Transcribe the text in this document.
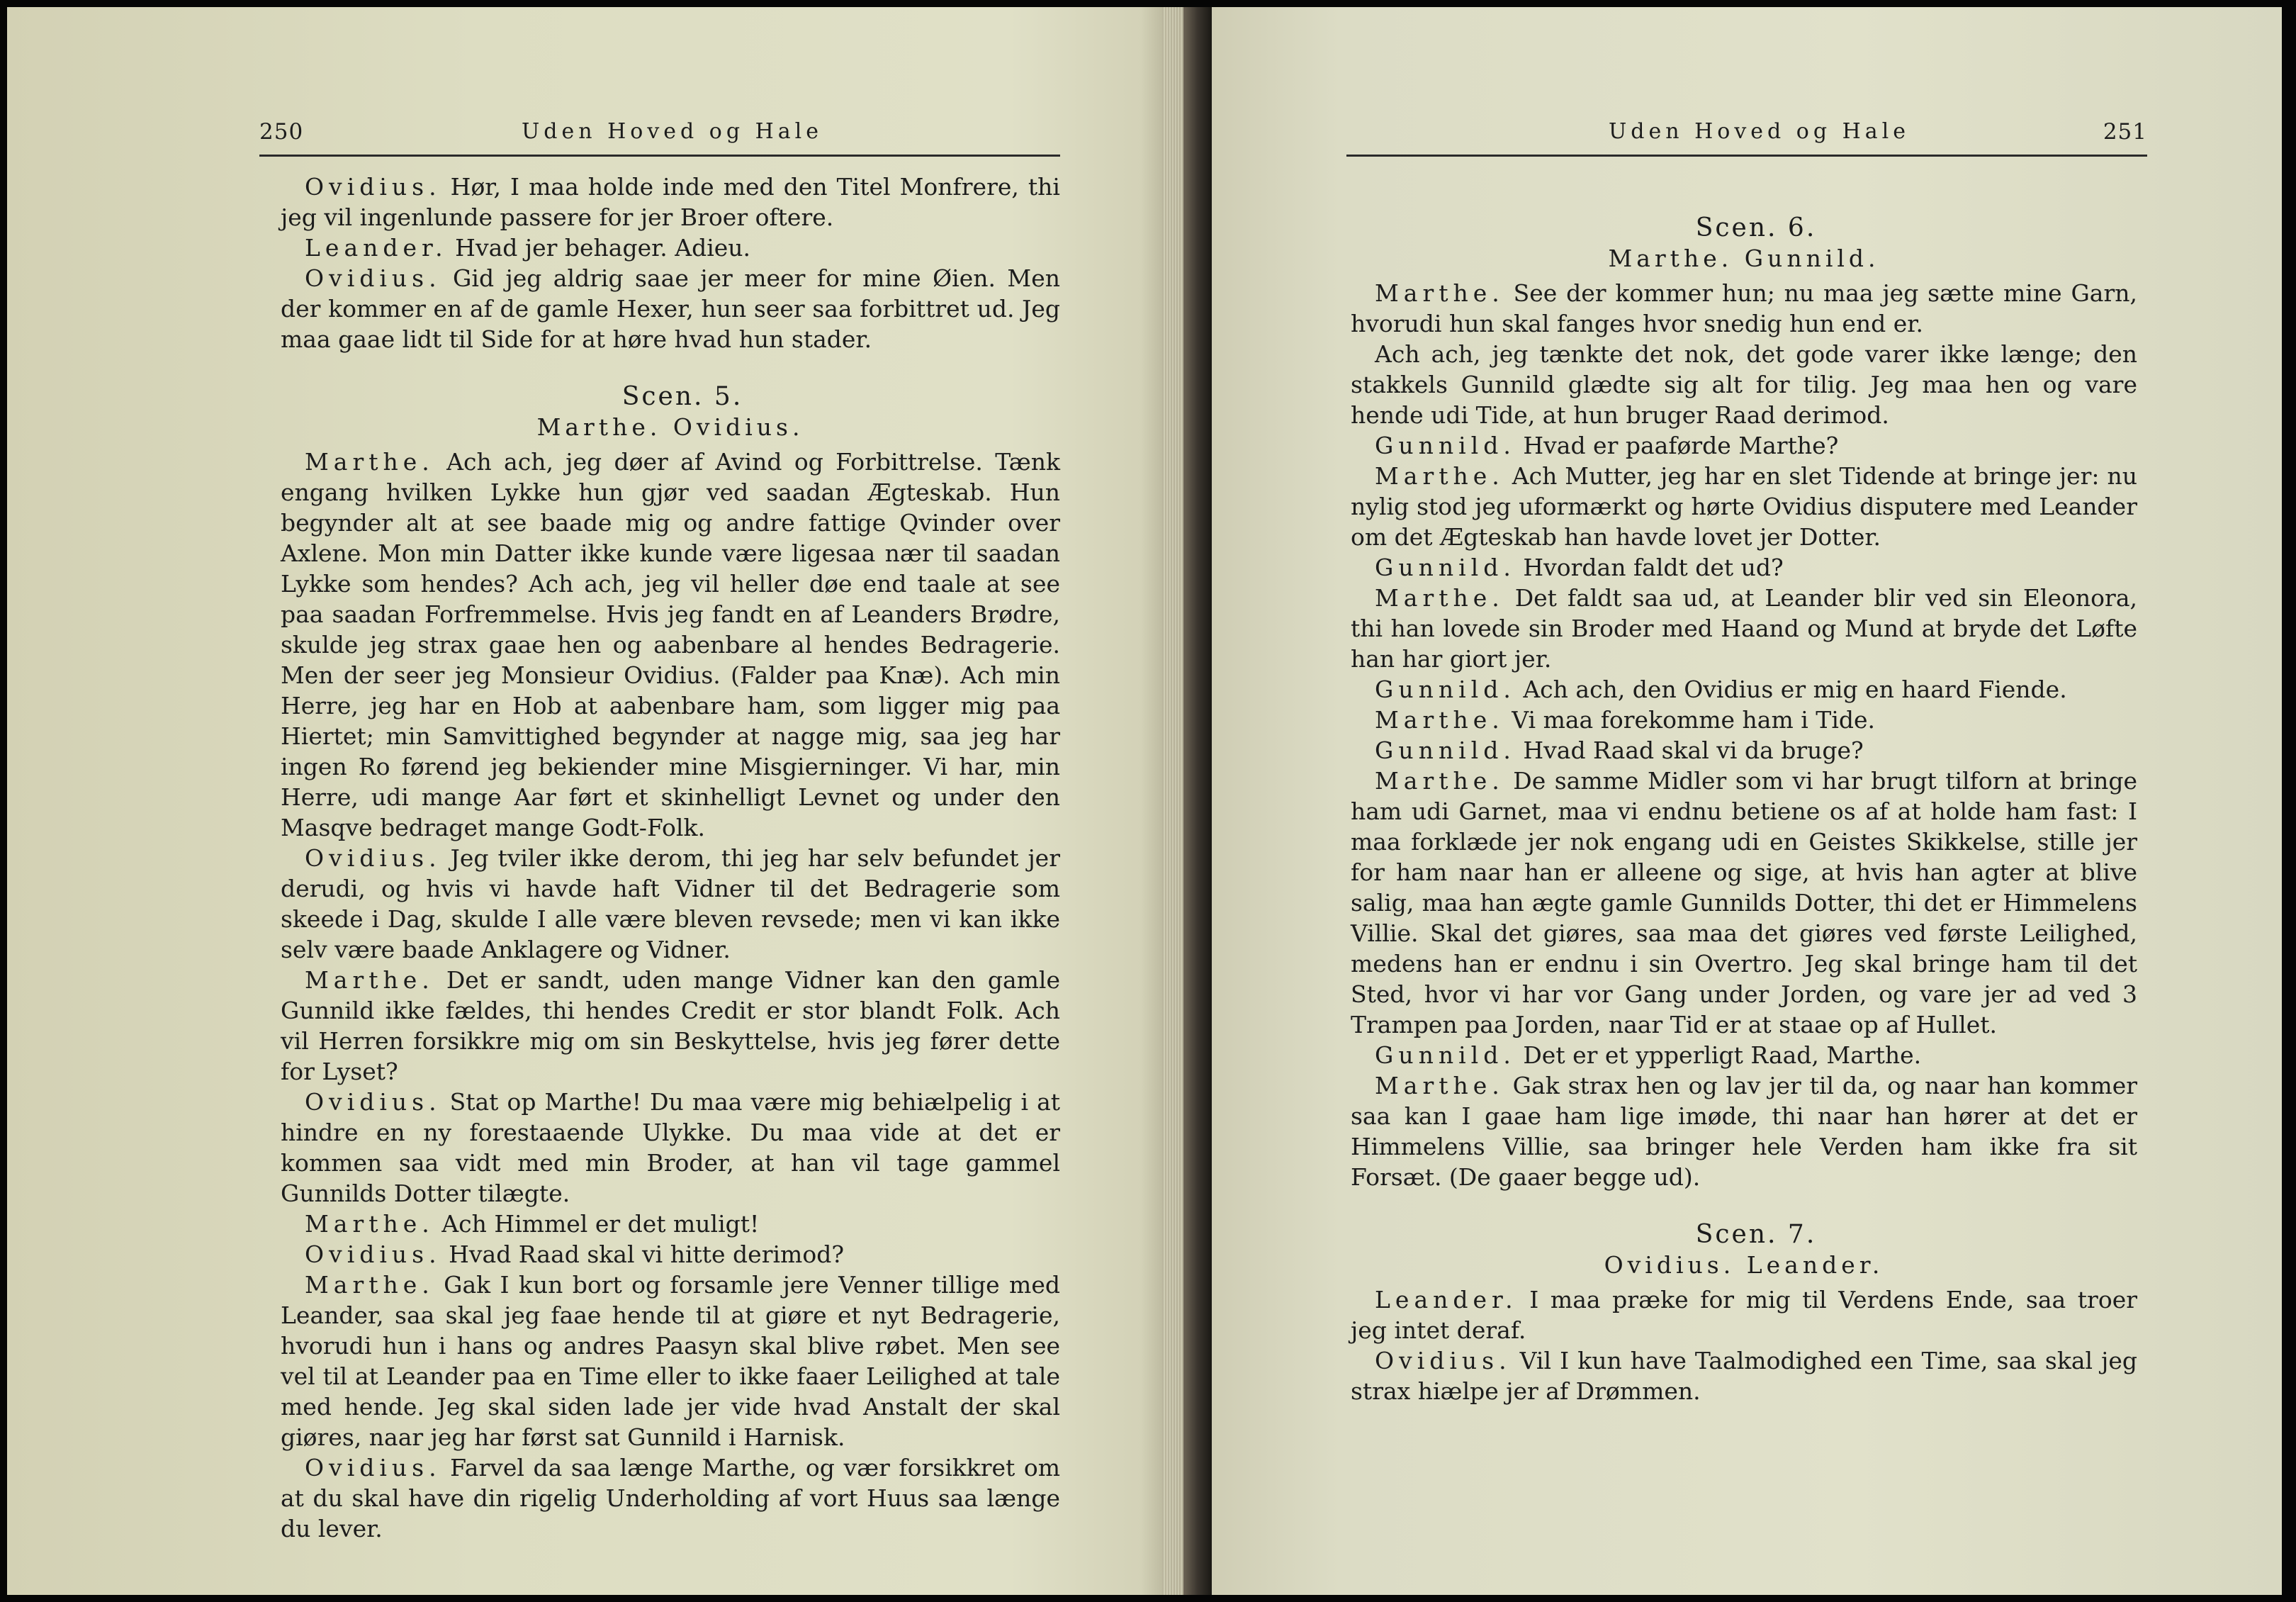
250	Uden Hoved og Hale

Ovidius. Hør, I maa holde inde med den Titel Monfrere, thi jeg vil ingenlunde passere for jer Broer oftere.

Leander. Hvad jer behager. Adieu.

Ovidius. Gid jeg aldrig saae jer meer for mine Øien. Men der kommer en af de gamle Hexer, hun seer saa forbittret ud. Jeg maa gaae lidt til Side for at høre hvad hun stader.

Scen. 5.

Marthe. Ovidius.

Marthe. Ach ach, jeg døer af Avind og Forbittrelse. Tænk engang hvilken Lykke hun gjør ved saadan Ægteskab. Hun begynder alt at see baade mig og andre fattige Qvinder over Axlene. Mon min Datter ikke kunde være ligesaa nær til saadan Lykke som hendes? Ach ach, jeg vil heller døe end taale at see paa saadan Forfremmelse. Hvis jeg fandt en af Leanders Brødre, skulde jeg strax gaae hen og aabenbare al hendes Bedragerie. Men der seer jeg Monsieur Ovidius. (Falder paa Knæ). Ach min Herre, jeg har en Hob at aabenbare ham, som ligger mig paa Hiertet; min Samvittighed begynder at nagge mig, saa jeg har ingen Ro førend jeg bekiender mine Misgierninger. Vi har, min Herre, udi mange Aar ført et skinhelligt Levnet og under den Masqve bedraget mange Godt-Folk.

Ovidius. Jeg tviler ikke derom, thi jeg har selv befundet jer derudi, og hvis vi havde haft Vidner til det Bedragerie som skeede i Dag, skulde I alle være bleven revsede; men vi kan ikke selv være baade Anklagere og Vidner.

Marthe. Det er sandt, uden mange Vidner kan den gamle Gunnild ikke fældes, thi hendes Credit er stor blandt Folk. Ach vil Herren forsikkre mig om sin Beskyttelse, hvis jeg fører dette for Lyset?

Ovidius. Stat op Marthe! Du maa være mig behiælpelig i at hindre en ny forestaaende Ulykke. Du maa vide at det er kommen saa vidt med min Broder, at han vil tage gammel Gunnilds Dotter tilægte.

Marthe. Ach Himmel er det muligt!

Ovidius. Hvad Raad skal vi hitte derimod?

Marthe. Gak I kun bort og forsamle jere Venner tillige med Leander, saa skal jeg faae hende til at giøre et nyt Bedragerie, hvorudi hun i hans og andres Paasyn skal blive røbet. Men see vel til at Leander paa en Time eller to ikke faaer Leilighed at tale med hende. Jeg skal siden lade jer vide hvad Anstalt der skal giøres, naar jeg har først sat Gunnild i Harnisk.

Ovidius. Farvel da saa længe Marthe, og vær forsikkret om at du skal have din rigelig Underholding af vort Huus saa længe du lever.

Uden Hoved og Hale	251

Scen. 6.

Marthe. Gunnild.

Marthe. See der kommer hun; nu maa jeg sætte mine Garn, hvorudi hun skal fanges hvor snedig hun end er.

Ach ach, jeg tænkte det nok, det gode varer ikke længe; den stakkels Gunnild glædte sig alt for tilig. Jeg maa hen og vare hende udi Tide, at hun bruger Raad derimod.

Gunnild. Hvad er paaførde Marthe?

Marthe. Ach Mutter, jeg har en slet Tidende at bringe jer: nu nylig stod jeg uformærkt og hørte Ovidius disputere med Leander om det Ægteskab han havde lovet jer Dotter.

Gunnild. Hvordan faldt det ud?

Marthe. Det faldt saa ud, at Leander blir ved sin Eleonora, thi han lovede sin Broder med Haand og Mund at bryde det Løfte han har giort jer.

Gunnild. Ach ach, den Ovidius er mig en haard Fiende.

Marthe. Vi maa forekomme ham i Tide.

Gunnild. Hvad Raad skal vi da bruge?

Marthe. De samme Midler som vi har brugt tilforn at bringe ham udi Garnet, maa vi endnu betiene os af at holde ham fast: I maa forklæde jer nok engang udi en Geistes Skikkelse, stille jer for ham naar han er alleene og sige, at hvis han agter at blive salig, maa han ægte gamle Gunnilds Dotter, thi det er Himmelens Villie. Skal det giøres, saa maa det giøres ved første Leilighed, medens han er endnu i sin Overtro. Jeg skal bringe ham til det Sted, hvor vi har vor Gang under Jorden, og vare jer ad ved 3 Trampen paa Jorden, naar Tid er at staae op af Hullet.

Gunnild. Det er et ypperligt Raad, Marthe.

Marthe. Gak strax hen og lav jer til da, og naar han kommer saa kan I gaae ham lige imøde, thi naar han hører at det er Himmelens Villie, saa bringer hele Verden ham ikke fra sit Forsæt. (De gaaer begge ud).

Scen. 7.

Ovidius. Leander.

Leander. I maa præke for mig til Verdens Ende, saa troer jeg intet deraf.

Ovidius. Vil I kun have Taalmodighed een Time, saa skal jeg strax hiælpe jer af Drømmen.
